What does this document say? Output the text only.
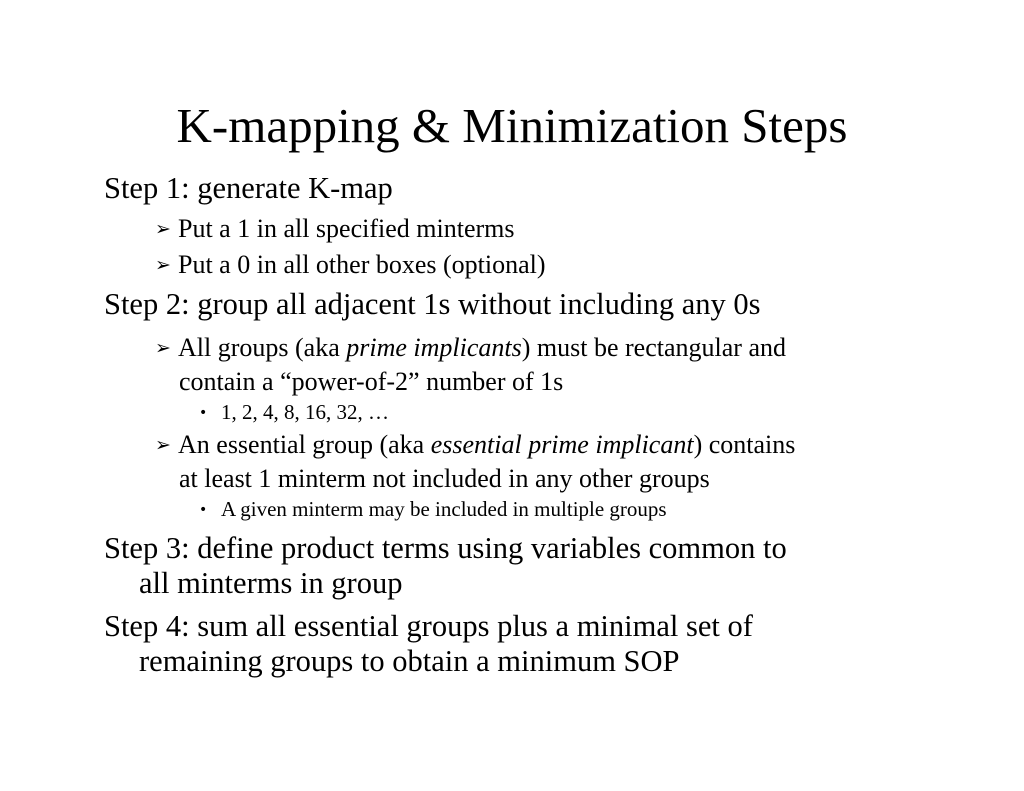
K-mapping & Minimization Steps
Step 1: generate K-map
➢ Put a 1 in all specified minterms
➢ Put a 0 in all other boxes (optional)
Step 2: group all adjacent 1s without including any 0s
➢ All groups (aka prime implicants) must be rectangular and
contain a “power-of-2” number of 1s
• 1, 2, 4, 8, 16, 32, …
➢ An essential group (aka essential prime implicant) contains
at least 1 minterm not included in any other groups
• A given minterm may be included in multiple groups
Step 3: define product terms using variables common to
all minterms in group
Step 4: sum all essential groups plus a minimal set of
remaining groups to obtain a minimum SOP
